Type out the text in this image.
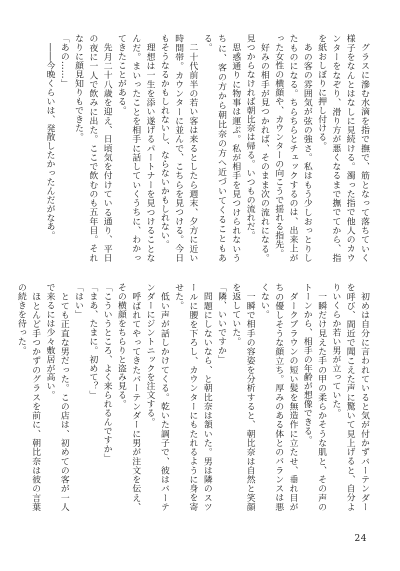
グラスに滲む水滴を指で撫で、筋となって落ちていく様子をなんとはなしに見続ける。濁った指で他人のカウンターをなぞり、滑り方が悪くなるまで撫でてから、指を紙おしぼりに押し付ける。

あの客の雰囲気が弦の強さ。私はもう少しおっとりしたものになる。ちらちらとチェックするのは、出来上がった女性の横顔や、カウンターの向こうで揺れる指先。

好みの相手が見つかれば、そのまま次の流れになる。見つからなければ朝比奈は帰る。いつもの流れだ。

思惑通りに物事は運ぶ。私が相手を見つけられないうちに、客の方から朝比奈の方へ近づいてくることもある。

二十代前半の若い客は来るとしたら週末、夕方に近い時間帯。カウンターに並んで、こちらを見つける。今日もそうなるかもしれないし、ならないかもしれない。

理想は一生を添い遂げるパートナーを見つけることなんだ。まいったことを相手に話していくうちに、わかってきたことがある。

先月二十八歳を迎え、日頃気を付けている通り、平日の夜に一人で飲みに出た。ここで飲むのも五年目。それなりに顔見知りもできた。

「あの……」

――今晩くらいは、発散したかったんだがなあ。

初めは自分に言われていると気が付かずバーテンダーを呼び、間近で聞こえた声に驚いて見上げると、自分よりいくらか若い男が立っていた。

一瞬だけ見えた手の甲の柔らかそうな肌と、その声のトーンから、相手の年齢が想像できる。

ダークブラウンの短い髪を無造作に立たせ、垂れ目がちの優しそうな顔立ち。厚みのある体とのバランスは悪くない。

一瞬で相手の容姿を分析すると、朝比奈は自然と笑顔を返していた。

「隣、いいですか」

問題にしないなら、と朝比奈は頷いた。男は隣のスツールに腰を下ろし、カウンターにもたれるように身を寄せた。

低い声が話しかけてくる。乾いた調子で、彼はバーテンダーにジントニックを注文する。

呼ばれてやってきたバーテンダーに男が注文を伝え、その横顔をちらりと盗み見る。

「こういうところ、よく来られるんですか」

「まあ、たまに。初めて？」

「はい」

とても正直な男だった。この店は、初めての客が一人で来るには少々敷居が高い。

ほとんど手つかずのグラスを前に、朝比奈は彼の言葉の続きを待った。

24
